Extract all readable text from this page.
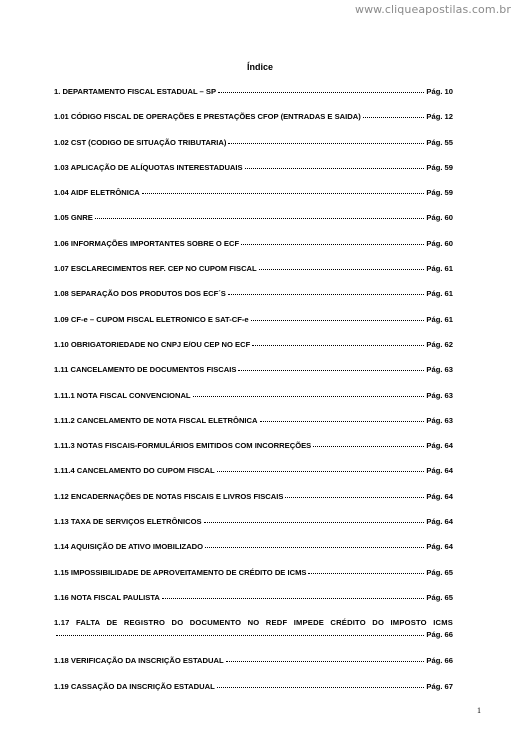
www.cliqueapostilas.com.br
Índice
1. DEPARTAMENTO FISCAL ESTADUAL – SP	Pág. 10
1.01 CÓDIGO FISCAL DE OPERAÇÕES E PRESTAÇÕES CFOP (ENTRADAS E SAIDA)	Pág. 12
1.02 CST (CODIGO DE SITUAÇÃO TRIBUTARIA)	Pág. 55
1.03 APLICAÇÃO DE ALÍQUOTAS INTERESTADUAIS	Pág. 59
1.04 AIDF ELETRÔNICA	Pág. 59
1.05 GNRE	Pág. 60
1.06 INFORMAÇÕES IMPORTANTES SOBRE O ECF	Pág. 60
1.07 ESCLARECIMENTOS REF. CEP NO CUPOM FISCAL	Pág. 61
1.08 SEPARAÇÃO DOS PRODUTOS DOS ECF´S	Pág. 61
1.09 CF-e – CUPOM FISCAL ELETRONICO E SAT-CF-e	Pág. 61
1.10 OBRIGATORIEDADE NO CNPJ E/OU CEP NO ECF	Pág. 62
1.11 CANCELAMENTO DE DOCUMENTOS FISCAIS	Pág. 63
1.11.1 NOTA FISCAL CONVENCIONAL	Pág. 63
1.11.2 CANCELAMENTO DE NOTA FISCAL ELETRÔNICA	Pág. 63
1.11.3 NOTAS FISCAIS-FORMULÁRIOS EMITIDOS COM INCORREÇÕES	Pág. 64
1.11.4 CANCELAMENTO DO CUPOM FISCAL	Pág. 64
1.12 ENCADERNAÇÕES DE NOTAS FISCAIS E LIVROS FISCAIS	Pág. 64
1.13 TAXA DE SERVIÇOS ELETRÔNICOS	Pág. 64
1.14 AQUISIÇÃO DE ATIVO IMOBILIZADO	Pág. 64
1.15 IMPOSSIBILIDADE DE APROVEITAMENTO DE CRÉDITO DE ICMS	Pág. 65
1.16 NOTA FISCAL PAULISTA	Pág. 65
1.17 FALTA DE REGISTRO DO DOCUMENTO NO REDF IMPEDE CRÉDITO DO IMPOSTO ICMS
Pág. 66
1.18 VERIFICAÇÃO DA INSCRIÇÃO ESTADUAL	Pág. 66
1.19 CASSAÇÃO DA INSCRIÇÃO ESTADUAL	Pág. 67
1
